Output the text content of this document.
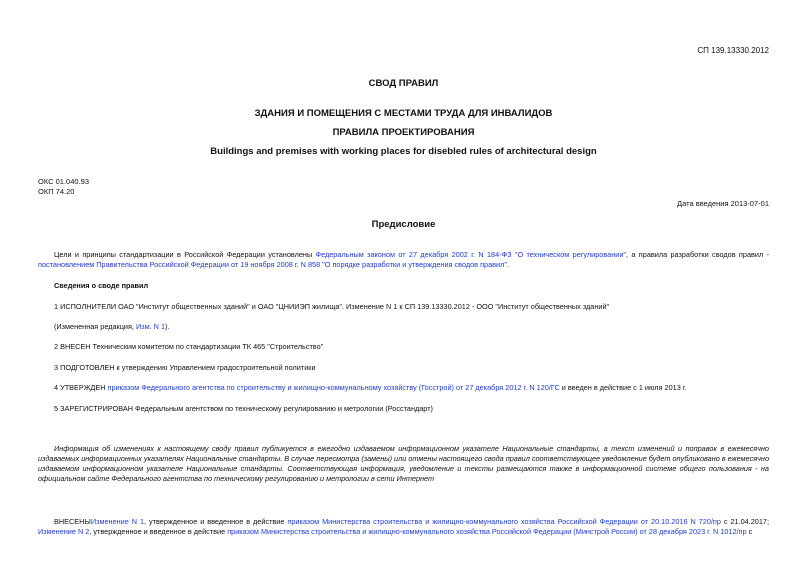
СП 139.13330.2012
СВОД ПРАВИЛ
ЗДАНИЯ И ПОМЕЩЕНИЯ С МЕСТАМИ ТРУДА ДЛЯ ИНВАЛИДОВ
ПРАВИЛА ПРОЕКТИРОВАНИЯ
Buildings and premises with working places for disebled rules of architectural design
ОКС 01.040.93
ОКП 74.20
Дата введения 2013-07-01
Предисловие
Цели и принципы стандартизации в Российской Федерации установлены Федеральным законом от 27 декабря 2002 г. N 184-ФЗ "О техническом регулировании", а правила разработки сводов правил - постановлением Правительства Российской Федерации от 19 ноября 2008 г. N 858 "О порядке разработки и утверждения сводов правил".
Сведения о своде правил
1 ИСПОЛНИТЕЛИ ОАО "Институт общественных зданий" и ОАО "ЦНИИЭП жилища". Изменение N 1 к СП 139.13330.2012 - ООО "Институт общественных зданий"
(Измененная редакция, Изм. N 1).
2 ВНЕСЕН Техническим комитетом по стандартизации ТК 465 "Строительство"
3 ПОДГОТОВЛЕН к утверждению Управлением градостроительной политики
4 УТВЕРЖДЕН приказом Федерального агентства по строительству и жилищно-коммунальному хозяйству (Госстрой) от 27 декабря 2012 г. N 120/ГС и введен в действие с 1 июля 2013 г.
5 ЗАРЕГИСТРИРОВАН Федеральным агентством по техническому регулированию и метрологии (Росстандарт)
Информация об изменениях к настоящему своду правил публикуется в ежегодно издаваемом информационном указателе Национальные стандарты, а текст изменений и поправок в ежемесячно издаваемых информационных указателях Национальные стандарты. В случае пересмотра (замены) или отмены настоящего свода правил соответствующее уведомление будет опубликовано в ежемесячно издаваемом информационном указателе Национальные стандарты. Соответствующая информация, уведомление и тексты размещаются также в информационной системе общего пользования - на официальном сайте Федерального агентства по техническому регулированию и метрологии в сети Интернет
ВНЕСЕНЫИзменение N 1, утвержденное и введенное в действие приказом Министерства строительства и жилищно-коммунального хозяйства Российской Федерации от 20.10.2016 N 720/пр с 21.04.2017; Изменение N 2, утвержденное и введенное в действие приказом Министерства строительства и жилищно-коммунального хозяйства Российской Федерации (Минстрой России) от 28 декабря 2023 г. N 1012/пр с
